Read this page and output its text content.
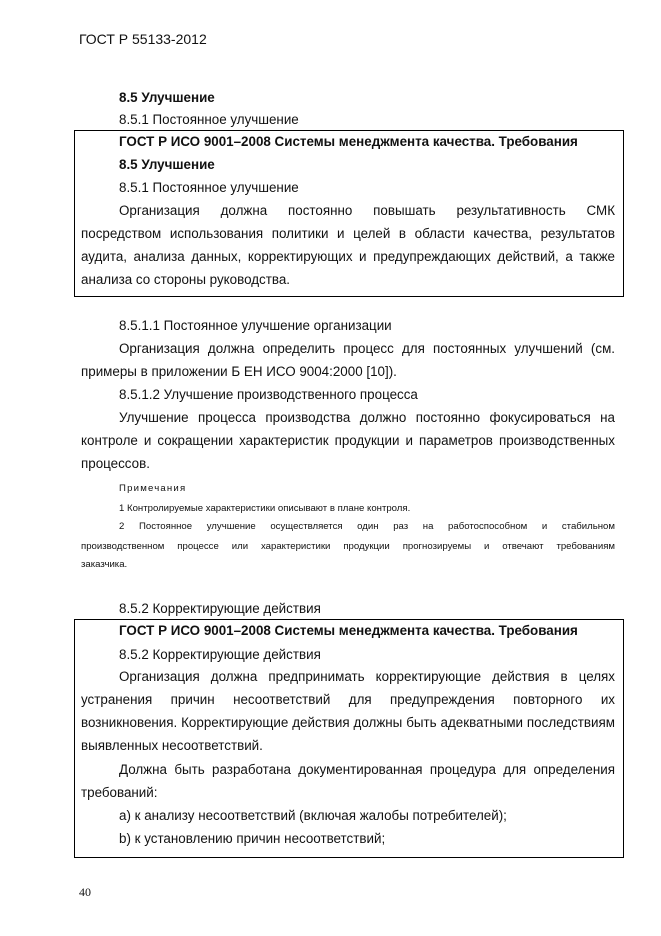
ГОСТ Р 55133-2012
8.5 Улучшение
8.5.1 Постоянное улучшение
ГОСТ Р ИСО 9001–2008 Системы менеджмента качества. Требования
8.5 Улучшение
8.5.1 Постоянное улучшение
Организация должна постоянно повышать результативность СМК
посредством использования политики и целей в области качества, результатов
аудита, анализа данных, корректирующих и предупреждающих действий, а также
анализа со стороны руководства.
8.5.1.1 Постоянное улучшение организации
Организация должна определить процесс для постоянных улучшений (см.
примеры в приложении Б ЕН ИСО 9004:2000 [10]).
8.5.1.2 Улучшение производственного процесса
Улучшение процесса производства должно постоянно фокусироваться на
контроле и сокращении характеристик продукции и параметров производственных
процессов.
Примечания
1 Контролируемые характеристики описывают в плане контроля.
2 Постоянное улучшение осуществляется один раз на работоспособном и стабильном
производственном процессе или характеристики продукции прогнозируемы и отвечают требованиям
заказчика.
8.5.2 Корректирующие действия
ГОСТ Р ИСО 9001–2008 Системы менеджмента качества. Требования
8.5.2 Корректирующие действия
Организация должна предпринимать корректирующие действия в целях
устранения причин несоответствий для предупреждения повторного их
возникновения. Корректирующие действия должны быть адекватными последствиям
выявленных несоответствий.
Должна быть разработана документированная процедура для определения
требований:
a) к анализу несоответствий (включая жалобы потребителей);
b) к установлению причин несоответствий;
40
